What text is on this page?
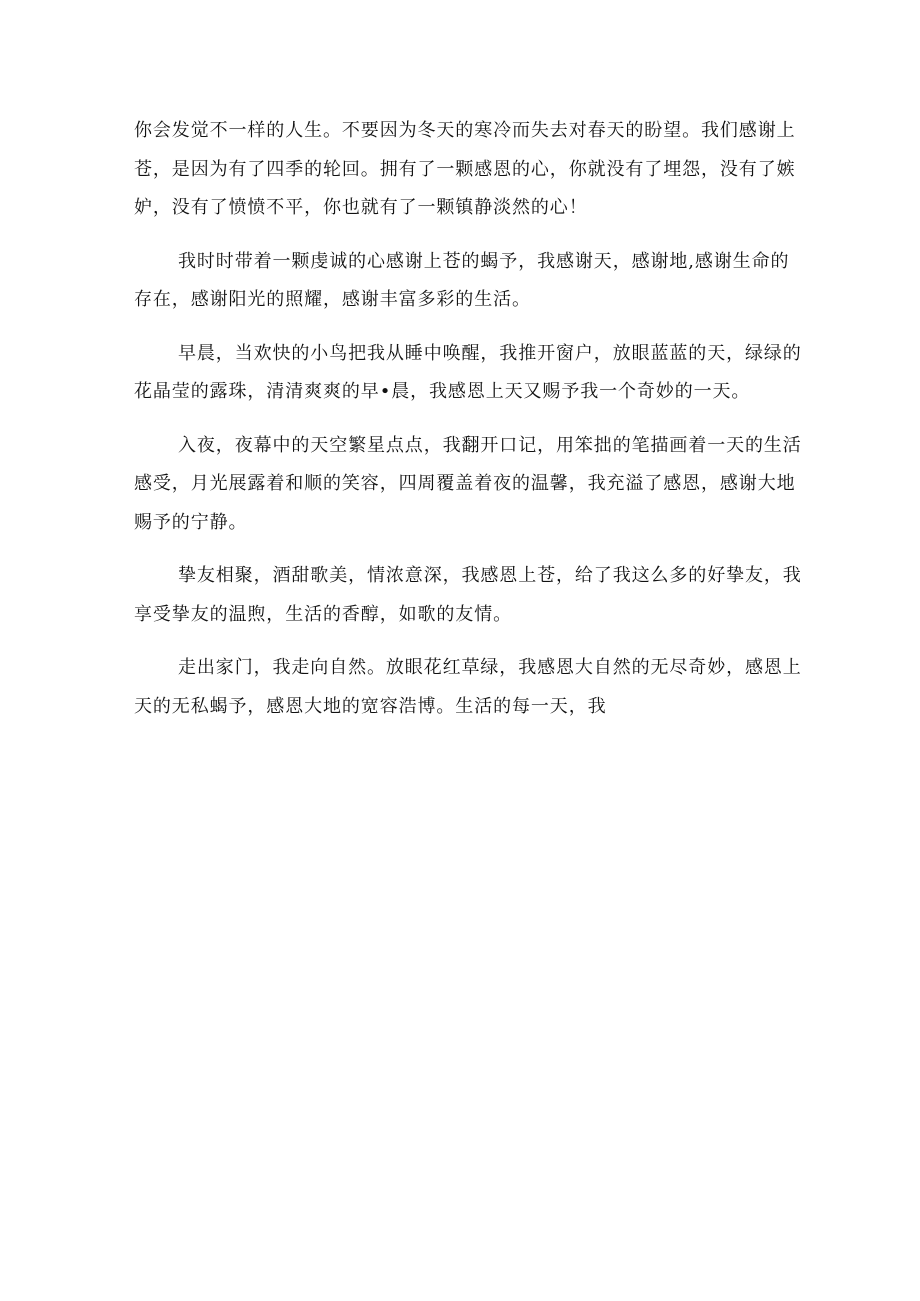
你会发觉不一样的人生。不要因为冬天的寒冷而失去对春天的盼望。我们感谢上
苍，是因为有了四季的轮回。拥有了一颗感恩的心，你就没有了埋怨，没有了嫉
妒，没有了愤愤不平，你也就有了一颗镇静淡然的心！
我时时带着一颗虔诚的心感谢上苍的蝎予，我感谢天，感谢地,感谢生命的
存在，感谢阳光的照耀，感谢丰富多彩的生活。
早晨，当欢快的小鸟把我从睡中唤醒，我推开窗户，放眼蓝蓝的天，绿绿的
花晶莹的露珠，清清爽爽的早•晨，我感恩上天又赐予我一个奇妙的一天。
入夜，夜幕中的天空繁星点点，我翻开口记，用笨拙的笔描画着一天的生活
感受，月光展露着和顺的笑容，四周覆盖着夜的温馨，我充溢了感恩，感谢大地
赐予的宁静。
挚友相聚，酒甜歌美，情浓意深，我感恩上苍，给了我这么多的好挚友，我
享受挚友的温煦，生活的香醇，如歌的友情。
走出家门，我走向自然。放眼花红草绿，我感恩大自然的无尽奇妙，感恩上
天的无私蝎予，感恩大地的宽容浩博。生活的每一天，我
